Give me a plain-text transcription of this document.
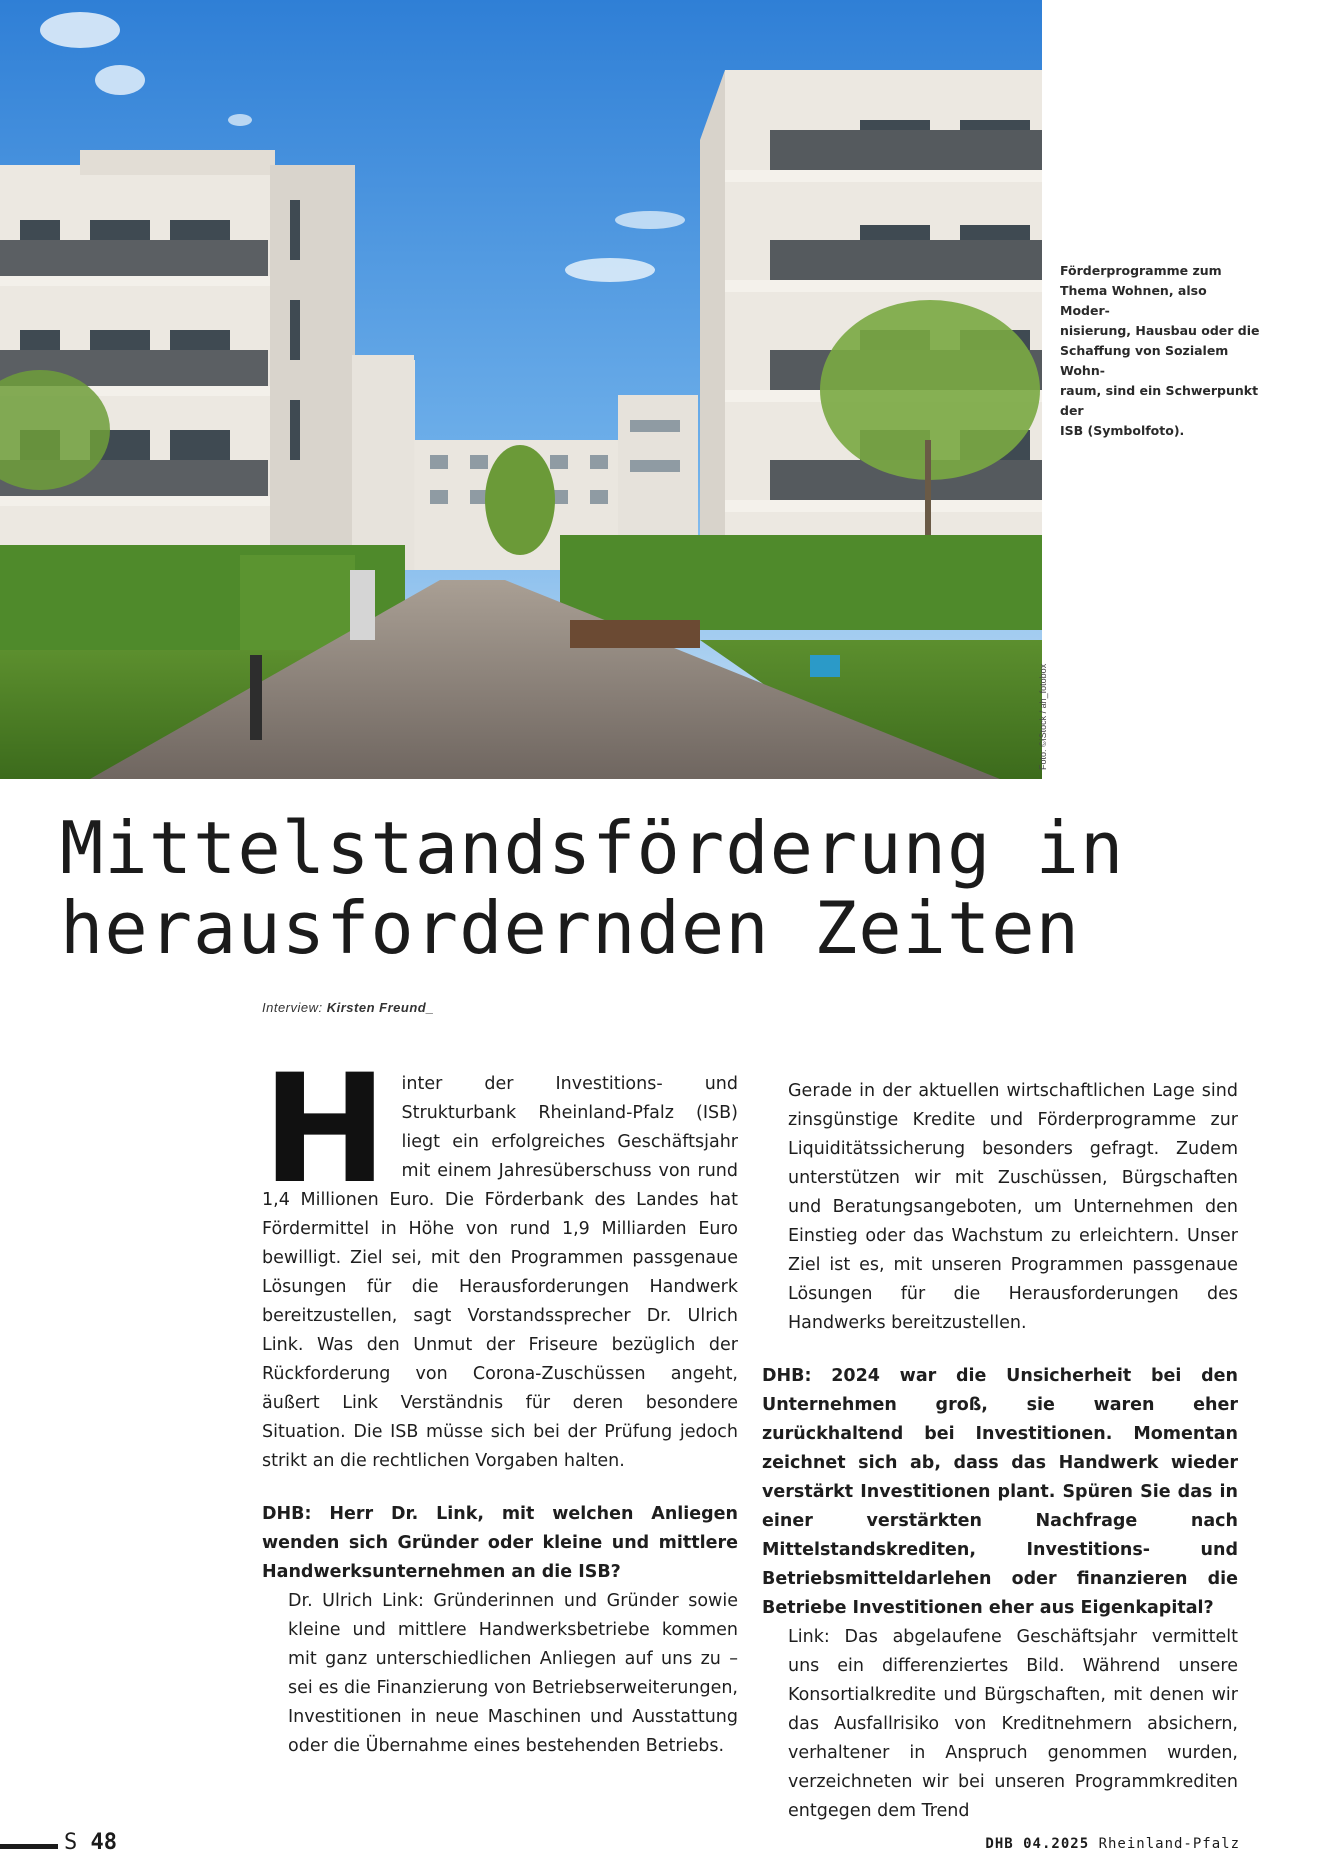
Foto: ©iStock / ah_fotobox
Förderprogramme zum
Thema Wohnen, also Moder-
nisierung, Hausbau oder die
Schaffung von Sozialem Wohn-
raum, sind ein Schwerpunkt der
ISB (Symbolfoto).
Mittelstandsförderung in
herausfordernden Zeiten
Interview: Kirsten Freund_

Hinter der Investitions- und Strukturbank Rheinland-Pfalz (ISB) liegt ein erfolgreiches Geschäftsjahr mit einem Jahresüberschuss von rund 1,4 Millionen Euro. Die Förderbank des Landes hat Fördermittel in Höhe von rund 1,9 Milliarden Euro bewilligt. Ziel sei, mit den Programmen passgenaue Lösungen für die Herausforderungen Handwerk bereitzustellen, sagt Vorstandssprecher Dr. Ulrich Link. Was den Unmut der Friseure bezüglich der Rückforderung von Corona-Zuschüssen angeht, äußert Link Verständnis für deren besondere Situation. Die ISB müsse sich bei der Prüfung jedoch strikt an die rechtlichen Vorgaben halten.

DHB: Herr Dr. Link, mit welchen Anliegen wenden sich Gründer oder kleine und mittlere Handwerksunternehmen an die ISB?

Dr. Ulrich Link: Gründerinnen und Gründer sowie kleine und mittlere Handwerksbetriebe kommen mit ganz unterschiedlichen Anliegen auf uns zu – sei es die Finanzierung von Betriebserweiterungen, Investitionen in neue Maschinen und Ausstattung oder die Übernahme eines bestehenden Betriebs.

Gerade in der aktuellen wirtschaftlichen Lage sind zinsgünstige Kredite und Förderprogramme zur Liquiditätssicherung besonders gefragt. Zudem unterstützen wir mit Zuschüssen, Bürgschaften und Beratungsangeboten, um Unternehmen den Einstieg oder das Wachstum zu erleichtern. Unser Ziel ist es, mit unseren Programmen passgenaue Lösungen für die Herausforderungen des Handwerks bereitzustellen.

DHB: 2024 war die Unsicherheit bei den Unternehmen groß, sie waren eher zurückhaltend bei Investitionen. Momentan zeichnet sich ab, dass das Handwerk wieder verstärkt Investitionen plant. Spüren Sie das in einer verstärkten Nachfrage nach Mittelstandskrediten, Investitions- und Betriebsmitteldarlehen oder finanzieren die Betriebe Investitionen eher aus Eigenkapital?

Link: Das abgelaufene Geschäftsjahr vermittelt uns ein differenziertes Bild. Während unsere Konsortialkredite und Bürgschaften, mit denen wir das Ausfallrisiko von Kreditnehmern absichern, verhaltener in Anspruch genommen wurden, verzeichneten wir bei unseren Programmkrediten entgegen dem Trend

S 48	DHB 04.2025 Rheinland-Pfalz
